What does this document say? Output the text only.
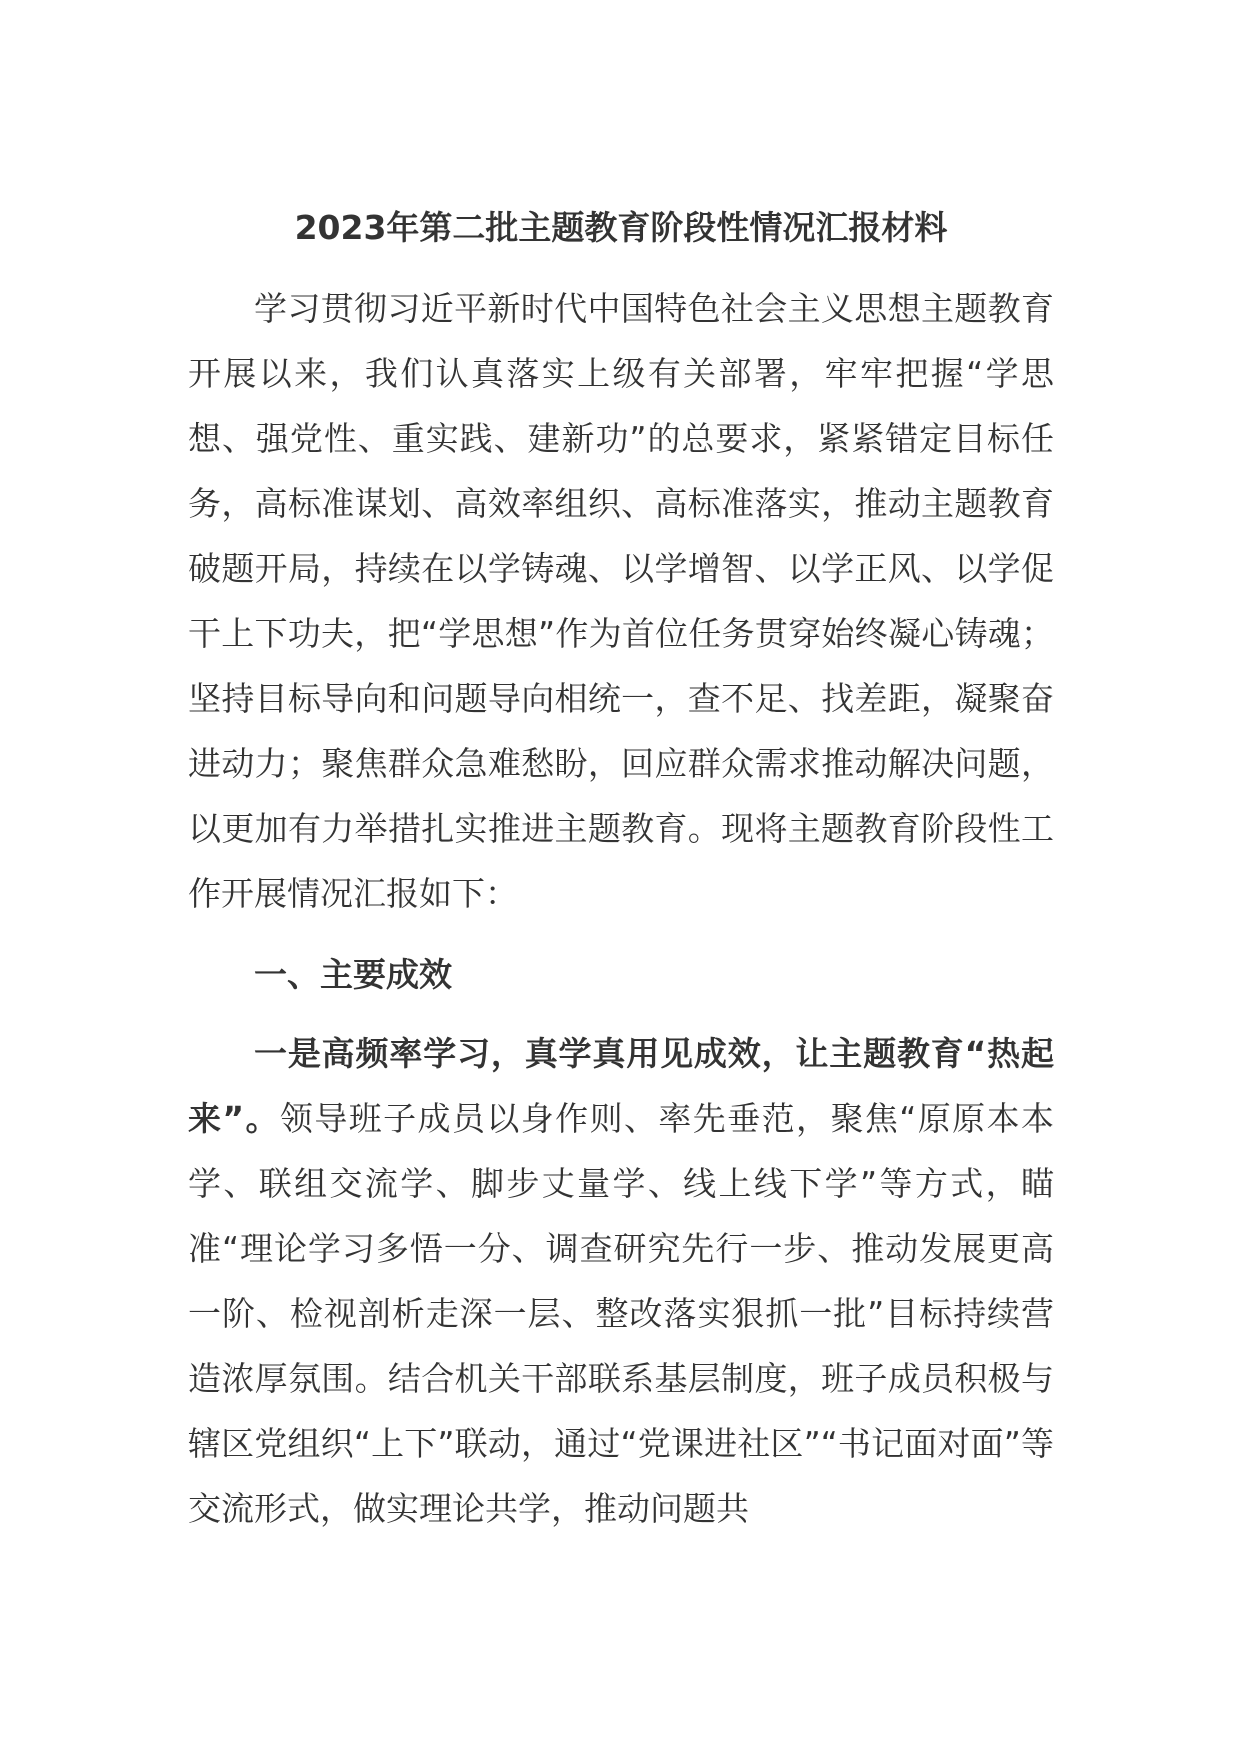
2023年第二批主题教育阶段性情况汇报材料

学习贯彻习近平新时代中国特色社会主义思想主题教育开展以来，我们认真落实上级有关部署，牢牢把握“学思想、强党性、重实践、建新功”的总要求，紧紧错定目标任务，高标准谋划、高效率组织、高标准落实，推动主题教育破题开局，持续在以学铸魂、以学增智、以学正风、以学促干上下功夫，把“学思想”作为首位任务贯穿始终凝心铸魂；坚持目标导向和问题导向相统一，查不足、找差距，凝聚奋进动力；聚焦群众急难愁盼，回应群众需求推动解决问题，以更加有力举措扎实推进主题教育。现将主题教育阶段性工作开展情况汇报如下：

一、主要成效

一是高频率学习，真学真用见成效，让主题教育“热起来”。领导班子成员以身作则、率先垂范，聚焦“原原本本学、联组交流学、脚步丈量学、线上线下学”等方式，瞄准“理论学习多悟一分、调查研究先行一步、推动发展更高一阶、检视剖析走深一层、整改落实狠抓一批”目标持续营造浓厚氛围。结合机关干部联系基层制度，班子成员积极与辖区党组织“上下”联动，通过“党课进社区”“书记面对面”等交流形式，做实理论共学，推动问题共
